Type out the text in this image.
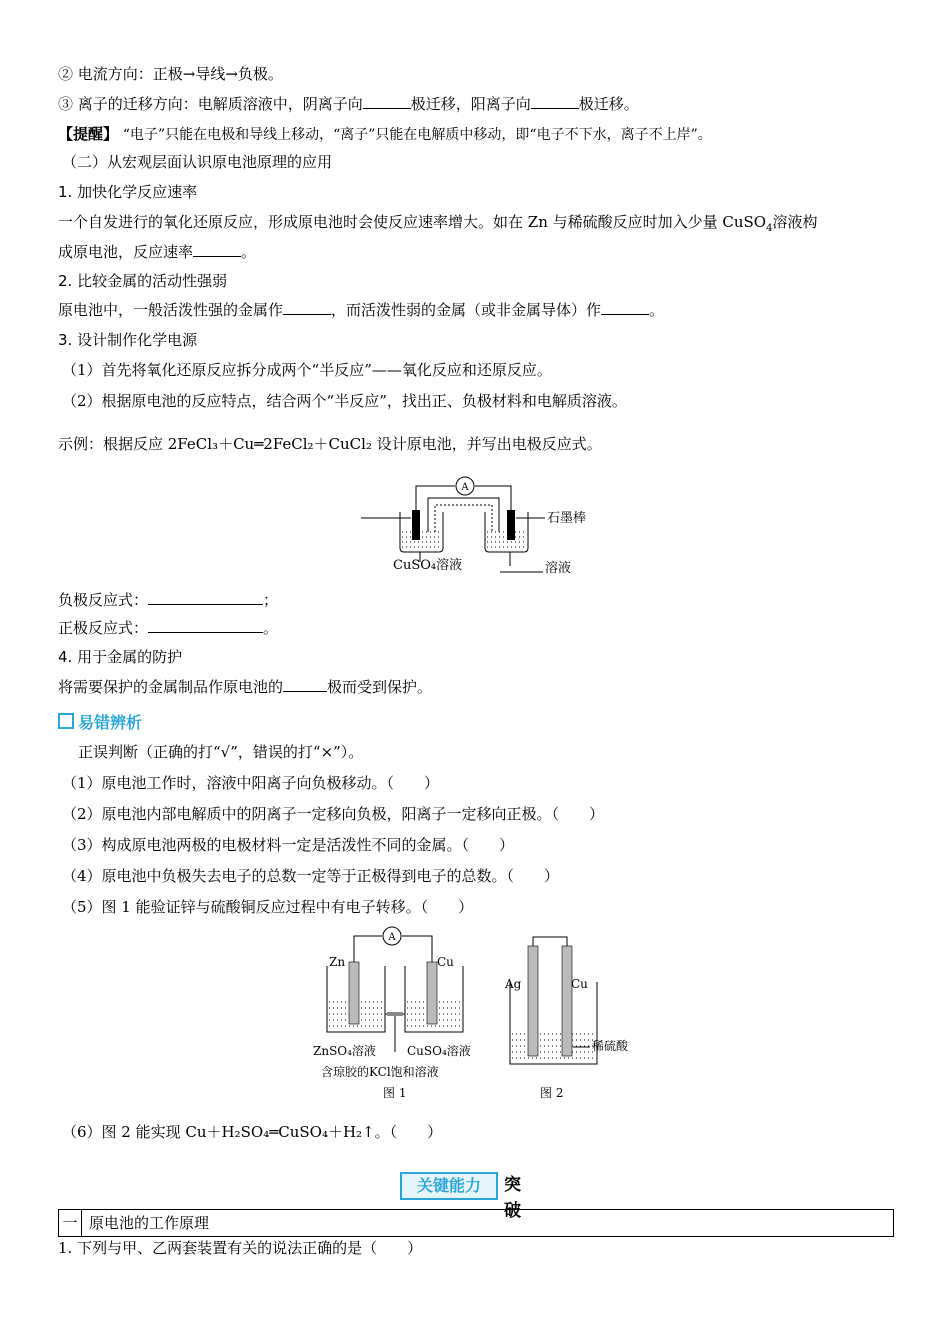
② 电流方向：正极→导线→负极。
③ 离子的迁移方向：电解质溶液中，阴离子向	极迁移，阳离子向	极迁移。
【提醒】 “电子”只能在电极和导线上移动，“离子”只能在电解质中移动，即“电子不下水，离子不上岸”。
（二）从宏观层面认识原电池原理的应用
1. 加快化学反应速率
一个自发进行的氧化还原反应，形成原电池时会使反应速率增大。如在 Zn 与稀硫酸反应时加入少量 CuSO$_4$溶液构
成原电池，反应速率	。
2. 比较金属的活动性强弱
原电池中，一般活泼性强的金属作	，而活泼性弱的金属（或非金属导体）作	。
3. 设计制作化学电源
（1）首先将氧化还原反应拆分成两个“半反应”——氧化反应和还原反应。
（2）根据原电池的反应特点，结合两个“半反应”，找出正、负极材料和电解质溶液。
示例：根据反应 2FeCl₃＋Cu═2FeCl₂＋CuCl₂ 设计原电池，并写出电极反应式。
A
石墨棒
CuSO₄溶液	溶液
负极反应式：	；
正极反应式：	。
4. 用于金属的防护
将需要保护的金属制品作原电池的	极而受到保护。
易错辨析
正误判断（正确的打“√”，错误的打“×”）。
（1）原电池工作时，溶液中阳离子向负极移动。（　　）
（2）原电池内部电解质中的阴离子一定移向负极，阳离子一定移向正极。（　　）
（3）构成原电池两极的电极材料一定是活泼性不同的金属。（　　）
（4）原电池中负极失去电子的总数一定等于正极得到电子的总数。（　　）
（5）图 1 能验证锌与硫酸铜反应过程中有电子转移。（　　）
A
Zn	Cu
ZnSO₄溶液	CuSO₄溶液
含琼胶的KCl饱和溶液
图 1
Ag	Cu
稀硫酸
图 2
（6）图 2 能实现 Cu＋H₂SO₄═CuSO₄＋H₂↑。（　　）
关键能力	突破
一 原电池的工作原理
1. 下列与甲、乙两套装置有关的说法正确的是（　　）
